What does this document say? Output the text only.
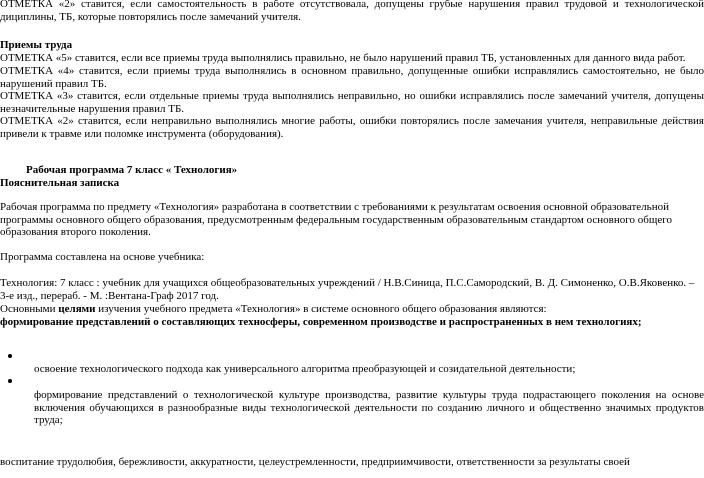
ОТМЕТКА «2» ставится, если самостоятельность в работе отсутствовала, допущены грубые нарушения правил трудовой и технологической

дициплины, ТБ, которые повторялись после замечаний учителя.

Приемы труда

ОТМЕТКА «5» ставится, если все приемы труда выполнялись правильно, не было нарушений правил ТБ, установленных для данного вида работ.

ОТМЕТКА «4» ставится, если приемы труда выполнялись в основном правильно, допущенные ошибки исправлялись самостоятельно, не было нарушений правил ТБ.

ОТМЕТКА «3» ставится, если отдельные приемы труда выполнялись неправильно, но ошибки исправлялись после замечаний учителя, допущены незначительные нарушения правил ТБ.

ОТМЕТКА «2» ставится, если неправильно выполнялись многие работы, ошибки повторялись после замечания учителя, неправильные действия привели к травме или поломке инструмента (оборудования).

Рабочая программа 7 класс « Технология»

Пояснительная записка

Рабочая программа по предмету «Технология» разработана в соответствии с требованиями к результатам освоения основной образовательной программы основного общего образования, предусмотренным федеральным государственным образовательным стандартом основного общего образования второго поколения.

Программа составлена на основе учебника:

Технология: 7 класс : учебник для учащихся общеобразовательных учреждений / Н.В.Синица, П.С.Самородский, В. Д. Симоненко, О.В.Яковенко. – 3-е изд., перераб. - М. :Вентана-Граф 2017 год.

Основными целями изучения учебного предмета «Технология» в системе основного общего образования являются:

формирование представлений о составляющих техносферы, современном производстве и распространенных в нем технологиях;

освоение технологического подхода как универсального алгоритма преобразующей и созидательной деятельности;

формирование представлений о технологической культуре производства, развитие культуры труда подрастающего поколения на основе включения обучающихся в разнообразные виды технологической деятельности по созданию личного и общественно значимых продуктов труда;

воспитание трудолюбия, бережливости, аккуратности, целеустремленности, предприимчивости, ответственности за результаты своей
